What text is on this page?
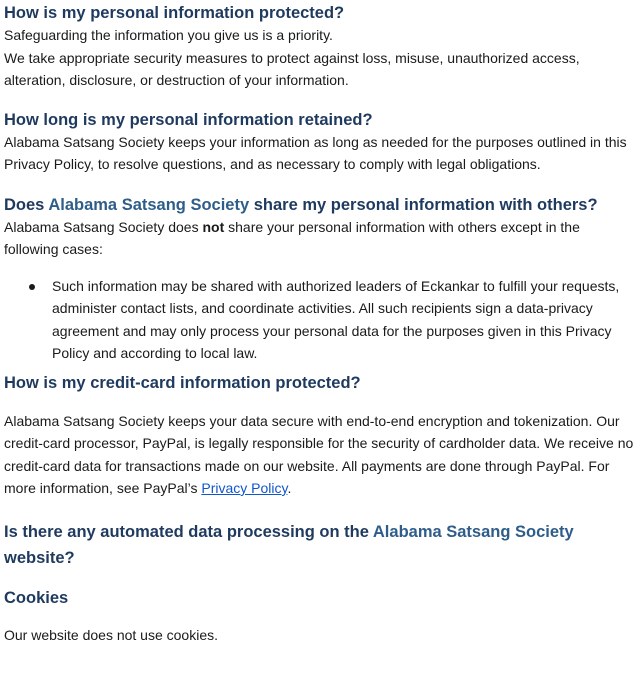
How is my personal information protected?

Safeguarding the information you give us is a priority.

We take appropriate security measures to protect against loss, misuse, unauthorized access, alteration, disclosure, or destruction of your information.

How long is my personal information retained?

Alabama Satsang Society keeps your information as long as needed for the purposes outlined in this Privacy Policy, to resolve questions, and as necessary to comply with legal obligations.

Does Alabama Satsang Society share my personal information with others?

Alabama Satsang Society does not share your personal information with others except in the following cases:

Such information may be shared with authorized leaders of Eckankar to fulfill your requests, administer contact lists, and coordinate activities. All such recipients sign a data-privacy agreement and may only process your personal data for the purposes given in this Privacy Policy and according to local law.
How is my credit-card information protected?

Alabama Satsang Society keeps your data secure with end-to-end encryption and tokenization. Our credit-card processor, PayPal, is legally responsible for the security of cardholder data. We receive no credit-card data for transactions made on our website. All payments are done through PayPal. For more information, see PayPal’s Privacy Policy.

Is there any automated data processing on the Alabama Satsang Society website?
Cookies

Our website does not use cookies.
